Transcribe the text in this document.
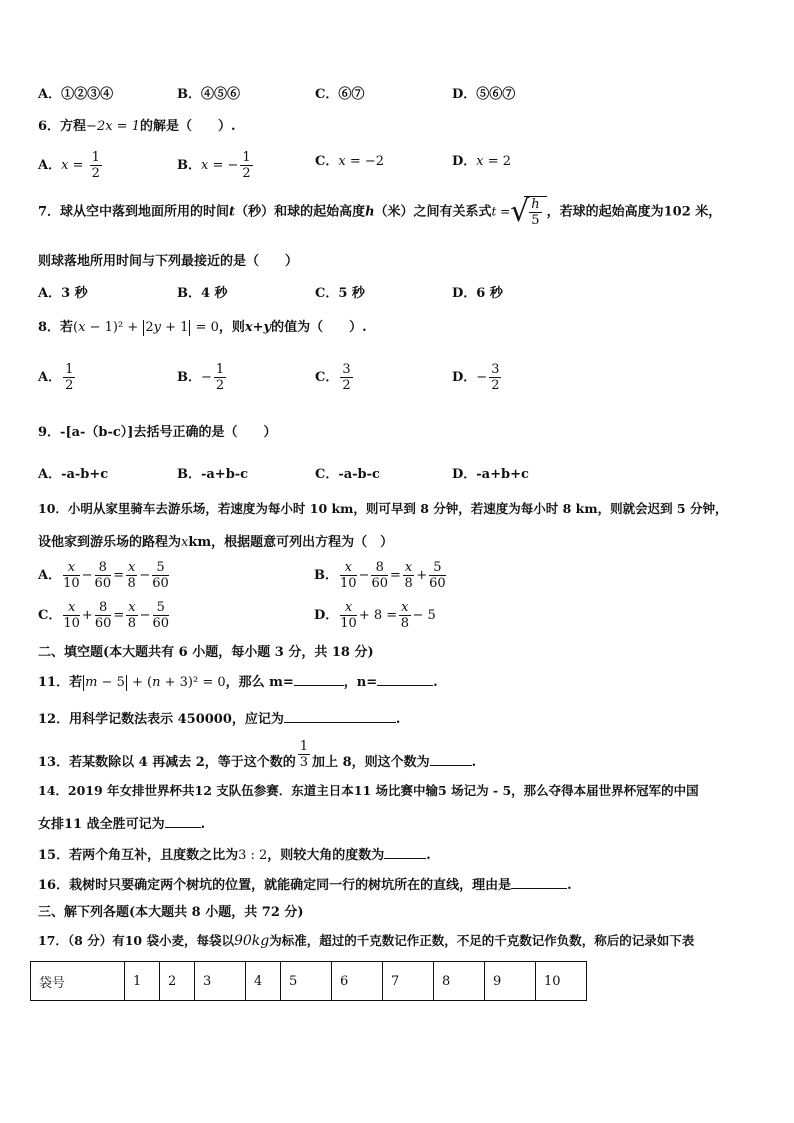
A．①②③④	B．④⑤⑥	C．⑥⑦	D．⑤⑥⑦
6．方程−2x = 1的解是（　　）.
A．$x = \frac{1}{2}$	B．x = − $\frac{1}{2}$	C．x = −2	D．x = 2
7．球从空中落到地面所用的时间t（秒）和球的起始高度h（米）之间有关系式t = √ $\frac{h}{5}$ ，若球的起始高度为102 米，
则球落地所用时间与下列最接近的是（　　）
A．3 秒	B．4 秒	C．5 秒	D．6 秒
8．若(x − 1)² + 2y + 1 = 0，则x+y的值为（　　）.
A． $\frac{1}{2}$	B．− $\frac{1}{2}$	C． $\frac{3}{2}$	D．− $\frac{3}{2}$
9．-[a-（b-c）]去括号正确的是（　　）
A．-a-b+c	B．-a+b-c	C．-a-b-c	D．-a+b+c
10．小明从家里骑车去游乐场，若速度为每小时 10 km，则可早到 8 分钟，若速度为每小时 8 km，则就会迟到 5 分钟，
设他家到游乐场的路程为xkm，根据题意可列出方程为（　）
A． $\frac{x}{10} - \frac{8}{60} = \frac{x}{8} - \frac{5}{60}$	B． $\frac{x}{10} - \frac{8}{60} = \frac{x}{8} + \frac{5}{60}$
C． $\frac{x}{10} + \frac{8}{60} = \frac{x}{8} - \frac{5}{60}$	D． $\frac{x}{10} + 8 = \frac{x}{8} - 5$
二、填空题(本大题共有 6 小题，每小题 3 分，共 18 分)
11．若 m − 5 + (n + 3)² = 0，那么 m=	，n=	.
12．用科学记数法表示 450000，应记为	.
13．若某数除以 4 再减去 2，等于这个数的 $\frac{1}{3}$ 加上 8，则这个数为	.
14．2019 年女排世界杯共12 支队伍参赛．东道主日本11 场比赛中输5 场记为 - 5，那么夺得本届世界杯冠军的中国
女排11 战全胜可记为	.
15．若两个角互补，且度数之比为3 : 2，则较大角的度数为	.
16．栽树时只要确定两个树坑的位置，就能确定同一行的树坑所在的直线，理由是	.
三、解下列各题(本大题共 8 小题，共 72 分)
17．（8 分）有10 袋小麦，每袋以90kg为标准，超过的千克数记作正数，不足的千克数记作负数，称后的记录如下表
袋号	1	2	3	4	5	6	7	8	9	10
